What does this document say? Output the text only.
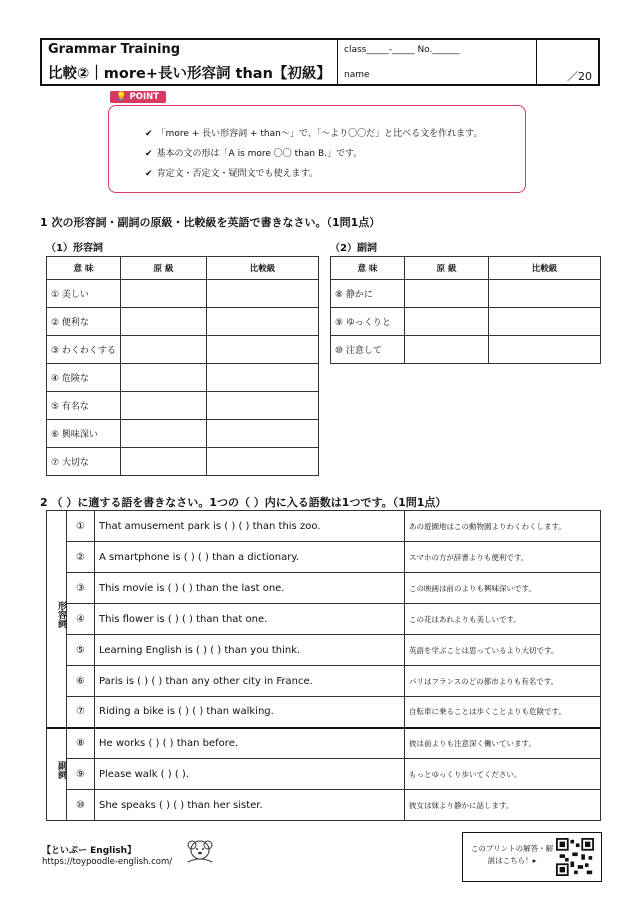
Grammar Training
比較②｜more+長い形容詞 than【初級】
class_____-_____ No.______
name	／20
✔ 「more + 長い形容詞 + than〜」で、「〜より〇〇だ」と比べる文を作れます。
✔ 基本の文の形は「A is more 〇〇 than B.」です。
✔ 肯定文・否定文・疑問文でも使えます。
💡 POINT
1 次の形容詞・副詞の原級・比較級を英語で書きなさい。（1問1点）
（1）形容詞	（2）副詞
意 味	原 級	比較級
① 美しい		
② 便利な		
③ わくわくする		
④ 危険な		
⑤ 有名な		
⑥ 興味深い		
⑦ 大切な		
意 味	原 級	比較級
⑧ 静かに		
⑨ ゆっくりと		
⑩ 注意して		
2 （ ）に適する語を書きなさい。1つの（ ）内に入る語数は1つです。（1問1点）
形容詞	①	That amusement park is ( ) ( ) than this zoo.	あの遊園地はこの動物園よりわくわくします。
	②	A smartphone is ( ) ( ) than a dictionary.	スマホの方が辞書よりも便利です。
	③	This movie is ( ) ( ) than the last one.	この映画は前のよりも興味深いです。
	④	This flower is ( ) ( ) than that one.	この花はあれよりも美しいです。
	⑤	Learning English is ( ) ( ) than you think.	英語を学ぶことは思っているより大切です。
	⑥	Paris is ( ) ( ) than any other city in France.	パリはフランスのどの都市よりも有名です。
	⑦	Riding a bike is ( ) ( ) than walking.	自転車に乗ることは歩くことよりも危険です。
副詞	⑧	He works ( ) ( ) than before.	彼は前よりも注意深く働いています。
	⑨	Please walk ( ) ( ).	もっとゆっくり歩いてください。
	⑩	She speaks ( ) ( ) than her sister.	彼女は妹より静かに話します。
【といぷー English】
https://toypoodle-english.com/
このプリントの解答・解説はこちら！▸
